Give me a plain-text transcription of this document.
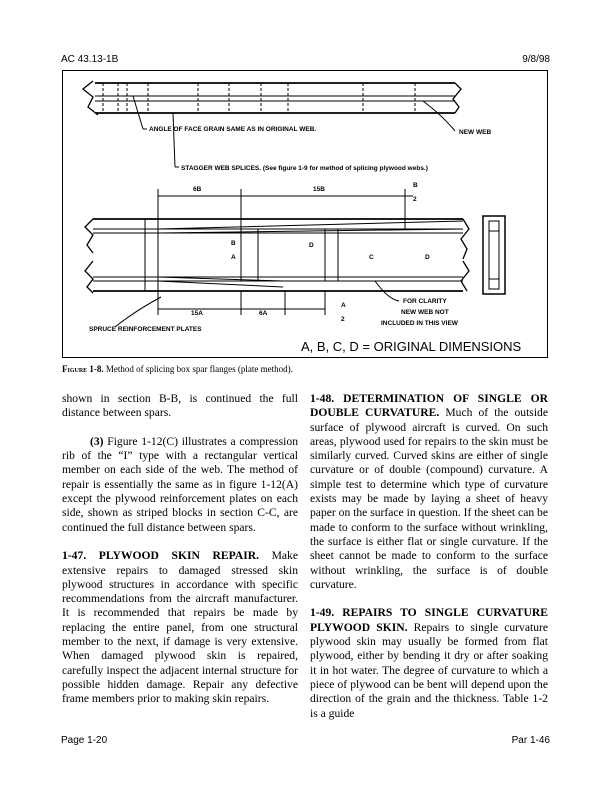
AC 43.13-1B	9/8/98
ANGLE OF FACE GRAIN SAME AS IN ORIGINAL WEB.	NEW WEB
STAGGER WEB SPLICES. (See figure 1-9 for method of splicing plywood webs.)
6B	15B
B
2
B
A
D
C	D
15A	6A
A
2
FOR CLARITY
NEW WEB NOT
INCLUDED IN THIS VIEW
SPRUCE REINFORCEMENT PLATES
A, B, C, D = ORIGINAL DIMENSIONS
Figure 1-8. Method of splicing box spar flanges (plate method).

shown in section B-B, is continued the full distance between spars.

(3) Figure 1-12(C) illustrates a compression rib of the “I” type with a rectangular vertical member on each side of the web. The method of repair is essentially the same as in figure 1-12(A) except the plywood reinforcement plates on each side, shown as striped blocks in section C-C, are continued the full distance between spars.

1-47. PLYWOOD SKIN REPAIR. Make extensive repairs to damaged stressed skin plywood structures in accordance with specific recommendations from the aircraft manufacturer. It is recommended that repairs be made by replacing the entire panel, from one structural member to the next, if damage is very extensive. When damaged plywood skin is repaired, carefully inspect the adjacent internal structure for possible hidden damage. Repair any defective frame members prior to making skin repairs.

1-48. DETERMINATION OF SINGLE OR DOUBLE CURVATURE. Much of the outside surface of plywood aircraft is curved. On such areas, plywood used for repairs to the skin must be similarly curved. Curved skins are either of single curvature or of double (compound) curvature. A simple test to determine which type of curvature exists may be made by laying a sheet of heavy paper on the surface in question. If the sheet can be made to conform to the surface without wrinkling, the surface is either flat or single curvature. If the sheet cannot be made to conform to the surface without wrinkling, the surface is of double curvature.

1-49. REPAIRS TO SINGLE CURVATURE PLYWOOD SKIN. Repairs to single curvature plywood skin may usually be formed from flat plywood, either by bending it dry or after soaking it in hot water. The degree of curvature to which a piece of plywood can be bent will depend upon the direction of the grain and the thickness. Table 1-2 is a guide

Page 1-20	Par 1-46
